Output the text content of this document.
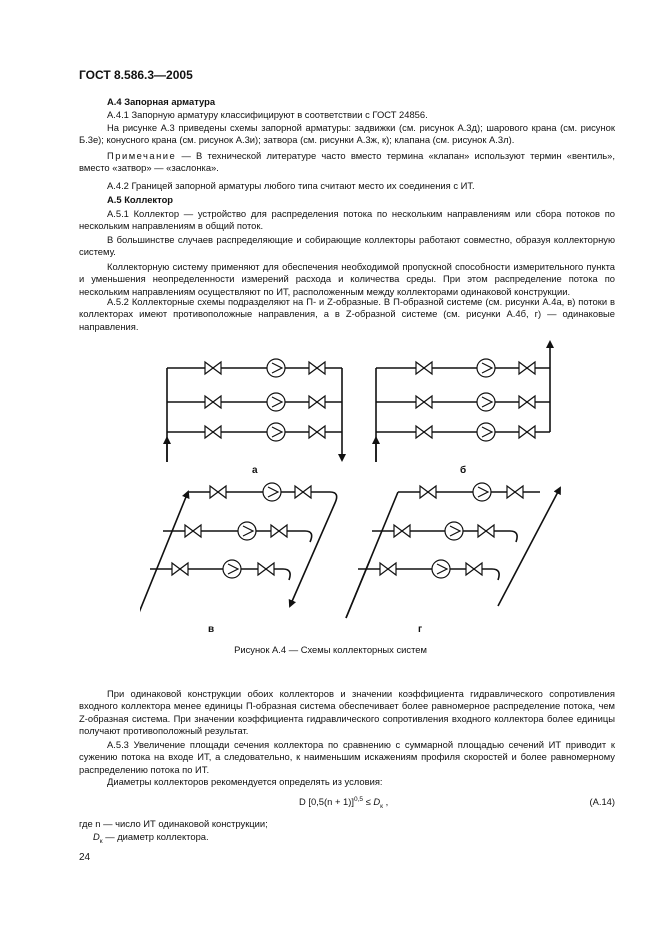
ГОСТ 8.586.3—2005
А.4 Запорная арматура
А.4.1 Запорную арматуру классифицируют в соответствии с ГОСТ 24856.
На рисунке А.3 приведены схемы запорной арматуры: задвижки (см. рисунок А.3д); шарового крана (см. рисунок Б.3е); конусного крана (см. рисунок А.3и); затвора (см. рисунки А.3ж, к); клапана (см. рисунок А.3л).
Примечание — В технической литературе часто вместо термина «клапан» используют термин «вентиль», вместо «затвор» — «заслонка».
А.4.2 Границей запорной арматуры любого типа считают место их соединения с ИТ.
А.5 Коллектор
А.5.1 Коллектор — устройство для распределения потока по нескольким направлениям или сбора потоков по нескольким направлениям в общий поток.
В большинстве случаев распределяющие и собирающие коллекторы работают совместно, образуя коллекторную систему.
Коллекторную систему применяют для обеспечения необходимой пропускной способности измерительного пункта и уменьшения неопределенности измерений расхода и количества среды. При этом распределение потока по нескольким направлениям осуществляют по ИТ, расположенным между коллекторами одинаковой конструкции.
А.5.2 Коллекторные схемы подразделяют на П- и Z-образные. В П-образной системе (см. рисунки А.4а, в) потоки в коллекторах имеют противоположные направления, а в Z-образной системе (см. рисунки А.4б, г) — одинаковые направления.
а	б
в	г
Рисунок А.4 — Схемы коллекторных систем
При одинаковой конструкции обоих коллекторов и значении коэффициента гидравлического сопротивления входного коллектора менее единицы П-образная система обеспечивает более равномерное распределение потока, чем Z-образная система. При значении коэффициента гидравлического сопротивления входного коллектора более единицы получают противоположный результат.
А.5.3 Увеличение площади сечения коллектора по сравнению с суммарной площадью сечений ИТ приводит к сужению потока на входе ИТ, а следовательно, к наименьшим искажениям профиля скоростей и более равномерному распределению потока по ИТ.
Диаметры коллекторов рекомендуется определять из условия:
D $[0,5(n + 1)]^{0,5} \le D_к$ ,	(А.14)
где n — число ИТ одинаковой конструкции;
$D_к$ — диаметр коллектора.
24
